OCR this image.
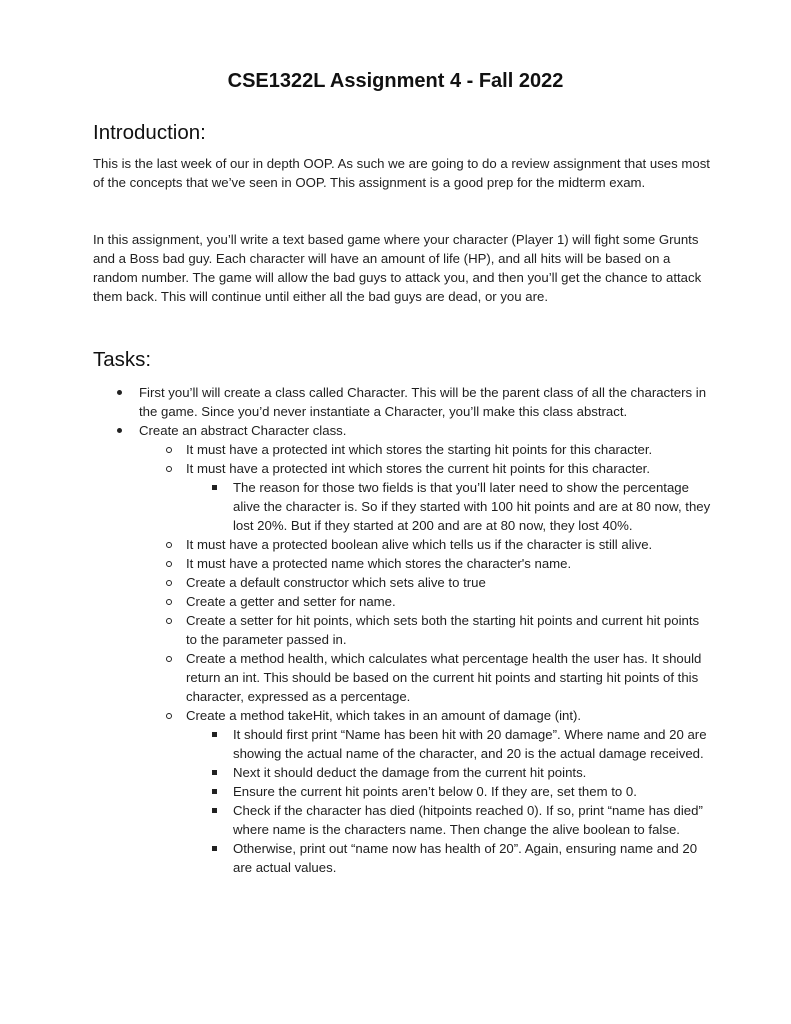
CSE1322L Assignment 4 - Fall 2022
Introduction:
This is the last week of our in depth OOP. As such we are going to do a review assignment that uses most of the concepts that we’ve seen in OOP. This assignment is a good prep for the midterm exam.
In this assignment, you’ll write a text based game where your character (Player 1) will fight some Grunts and a Boss bad guy. Each character will have an amount of life (HP), and all hits will be based on a random number. The game will allow the bad guys to attack you, and then you’ll get the chance to attack them back. This will continue until either all the bad guys are dead, or you are.
Tasks:
First you’ll will create a class called Character. This will be the parent class of all the characters in the game. Since you’d never instantiate a Character, you’ll make this class abstract.
Create an abstract Character class.
It must have a protected int which stores the starting hit points for this character.
It must have a protected int which stores the current hit points for this character.
The reason for those two fields is that you’ll later need to show the percentage alive the character is. So if they started with 100 hit points and are at 80 now, they lost 20%. But if they started at 200 and are at 80 now, they lost 40%.
It must have a protected boolean alive which tells us if the character is still alive.
It must have a protected name which stores the character's name.
Create a default constructor which sets alive to true
Create a getter and setter for name.
Create a setter for hit points, which sets both the starting hit points and current hit points to the parameter passed in.
Create a method health, which calculates what percentage health the user has. It should return an int. This should be based on the current hit points and starting hit points of this character, expressed as a percentage.
Create a method takeHit, which takes in an amount of damage (int).
It should first print “Name has been hit with 20 damage”. Where name and 20 are showing the actual name of the character, and 20 is the actual damage received.
Next it should deduct the damage from the current hit points.
Ensure the current hit points aren’t below 0. If they are, set them to 0.
Check if the character has died (hitpoints reached 0). If so, print “name has died” where name is the characters name. Then change the alive boolean to false.
Otherwise, print out “name now has health of 20”. Again, ensuring name and 20 are actual values.
